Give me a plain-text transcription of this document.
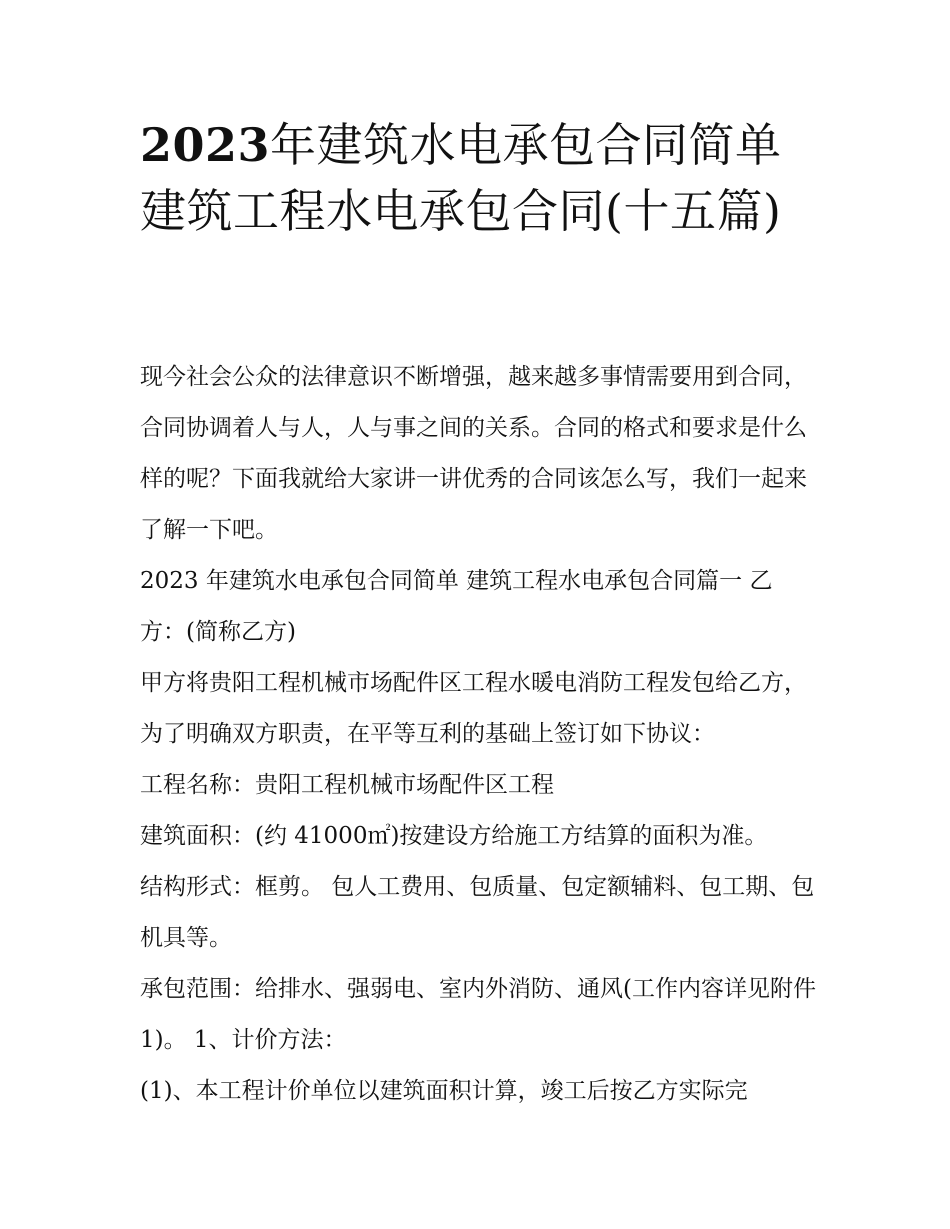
2023年建筑水电承包合同简单建筑工程水电承包合同(十五篇)

现今社会公众的法律意识不断增强，越来越多事情需要用到合同，合同协调着人与人，人与事之间的关系。合同的格式和要求是什么样的呢？下面我就给大家讲一讲优秀的合同该怎么写，我们一起来了解一下吧。

2023 年建筑水电承包合同简单 建筑工程水电承包合同篇一 乙方：(简称乙方)

甲方将贵阳工程机械市场配件区工程水暖电消防工程发包给乙方，为了明确双方职责，在平等互利的基础上签订如下协议：

工程名称：贵阳工程机械市场配件区工程

建筑面积：(约 41000㎡)按建设方给施工方结算的面积为准。

结构形式：框剪。 包人工费用、包质量、包定额辅料、包工期、包机具等。

承包范围：给排水、强弱电、室内外消防、通风(工作内容详见附件 1)。 1、计价方法：

(1)、本工程计价单位以建筑面积计算，竣工后按乙方实际完
